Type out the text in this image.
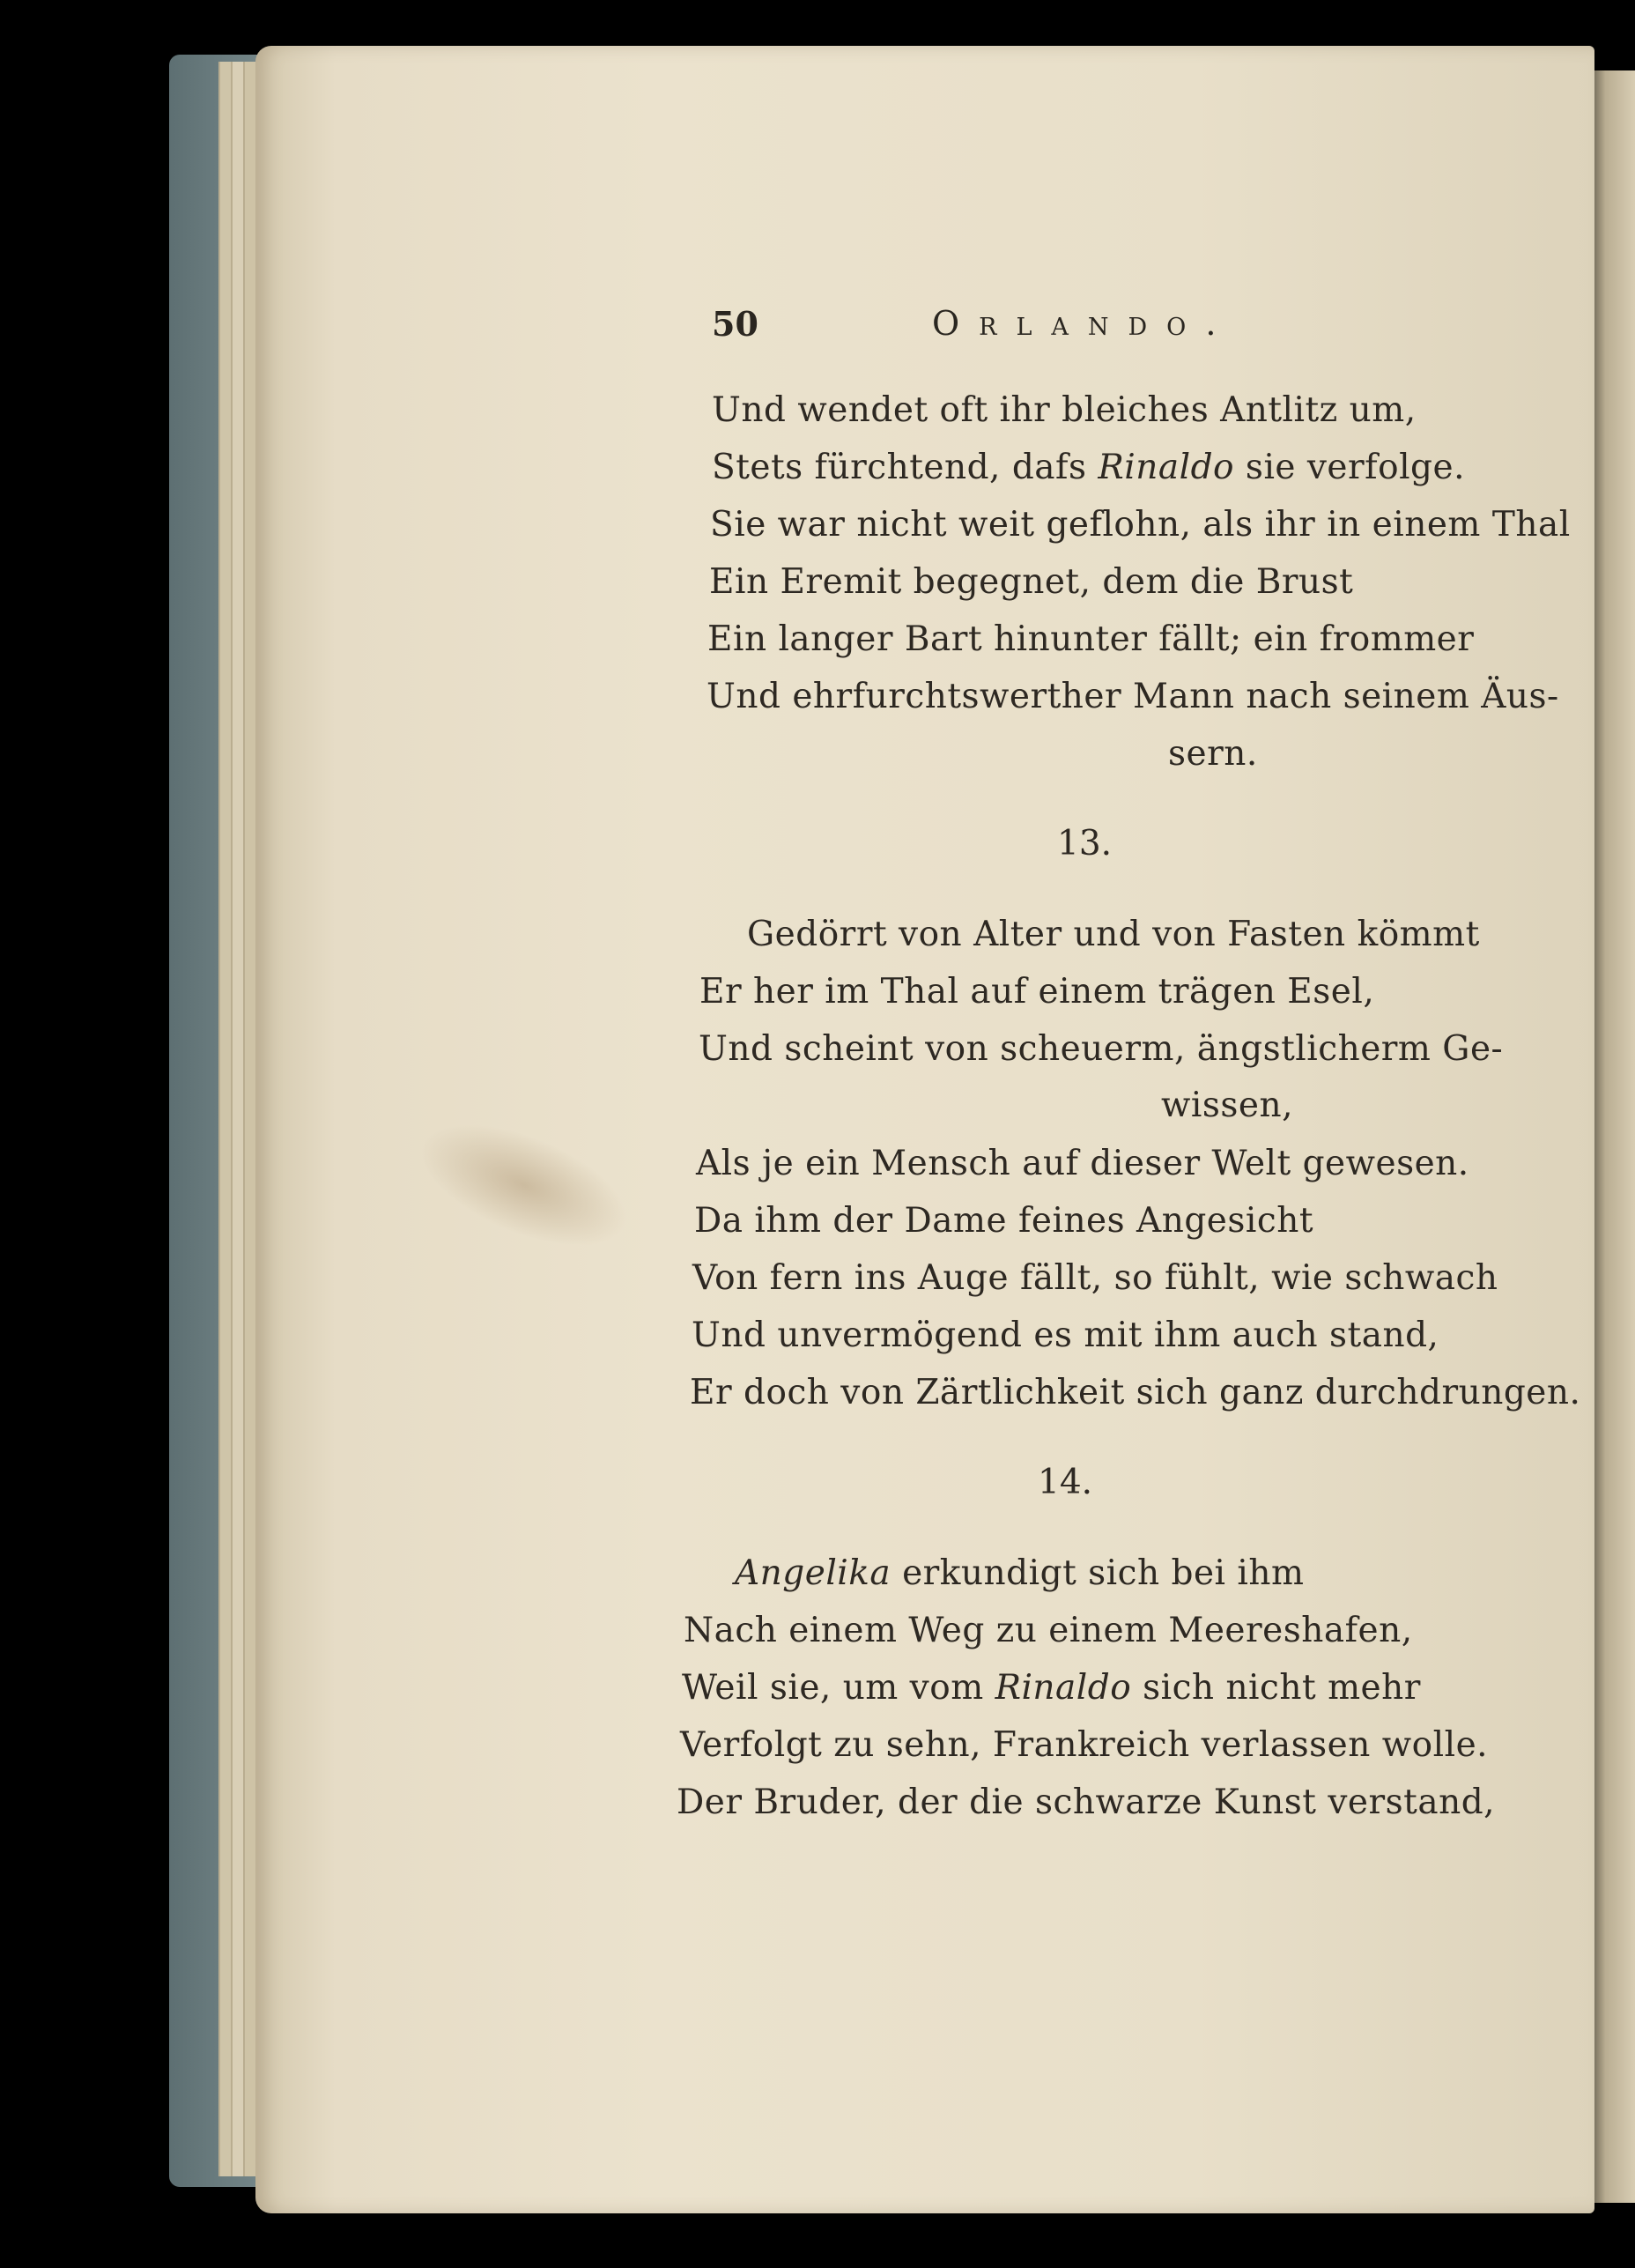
50	Orlando.
Und wendet oft ihr bleiches Antlitz um,
Stets fürchtend, dafs Rinaldo sie verfolge.
Sie war nicht weit geflohn, als ihr in einem Thal
Ein Eremit begegnet, dem die Brust
Ein langer Bart hinunter fällt; ein frommer
Und ehrfurchtswerther Mann nach seinem Äus-
sern.
13.
Gedörrt von Alter und von Fasten kömmt
Er her im Thal auf einem trägen Esel,
Und scheint von scheuerm, ängstlicherm Ge-
wissen,
Als je ein Mensch auf dieser Welt gewesen.
Da ihm der Dame feines Angesicht
Von fern ins Auge fällt, so fühlt, wie schwach
Und unvermögend es mit ihm auch stand,
Er doch von Zärtlichkeit sich ganz durchdrungen.
14.
Angelika erkundigt sich bei ihm
Nach einem Weg zu einem Meereshafen,
Weil sie, um vom Rinaldo sich nicht mehr
Verfolgt zu sehn, Frankreich verlassen wolle.
Der Bruder, der die schwarze Kunst verstand,
